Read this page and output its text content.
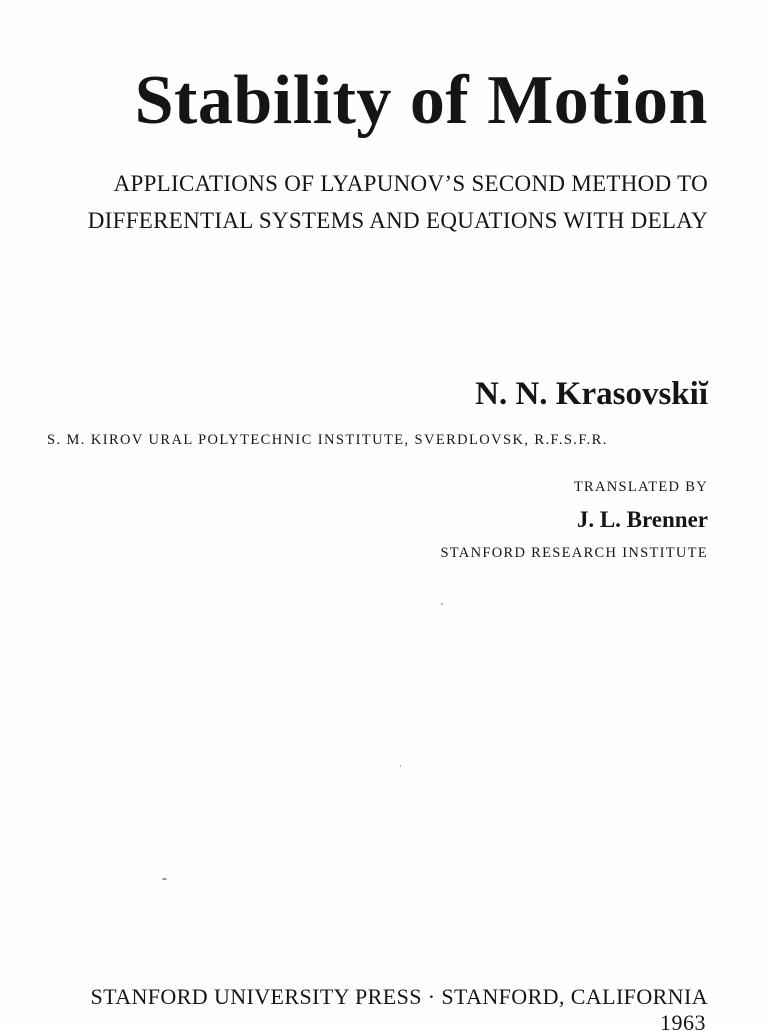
Stability of Motion
APPLICATIONS OF LYAPUNOV’S SECOND METHOD TO
DIFFERENTIAL SYSTEMS AND EQUATIONS WITH DELAY
N. N. Krasovskiĭ
S. M. KIROV URAL POLYTECHNIC INSTITUTE, SVERDLOVSK, R.F.S.F.R.
TRANSLATED BY
J. L. Brenner
STANFORD RESEARCH INSTITUTE
STANFORD UNIVERSITY PRESS · STANFORD, CALIFORNIA
1963
